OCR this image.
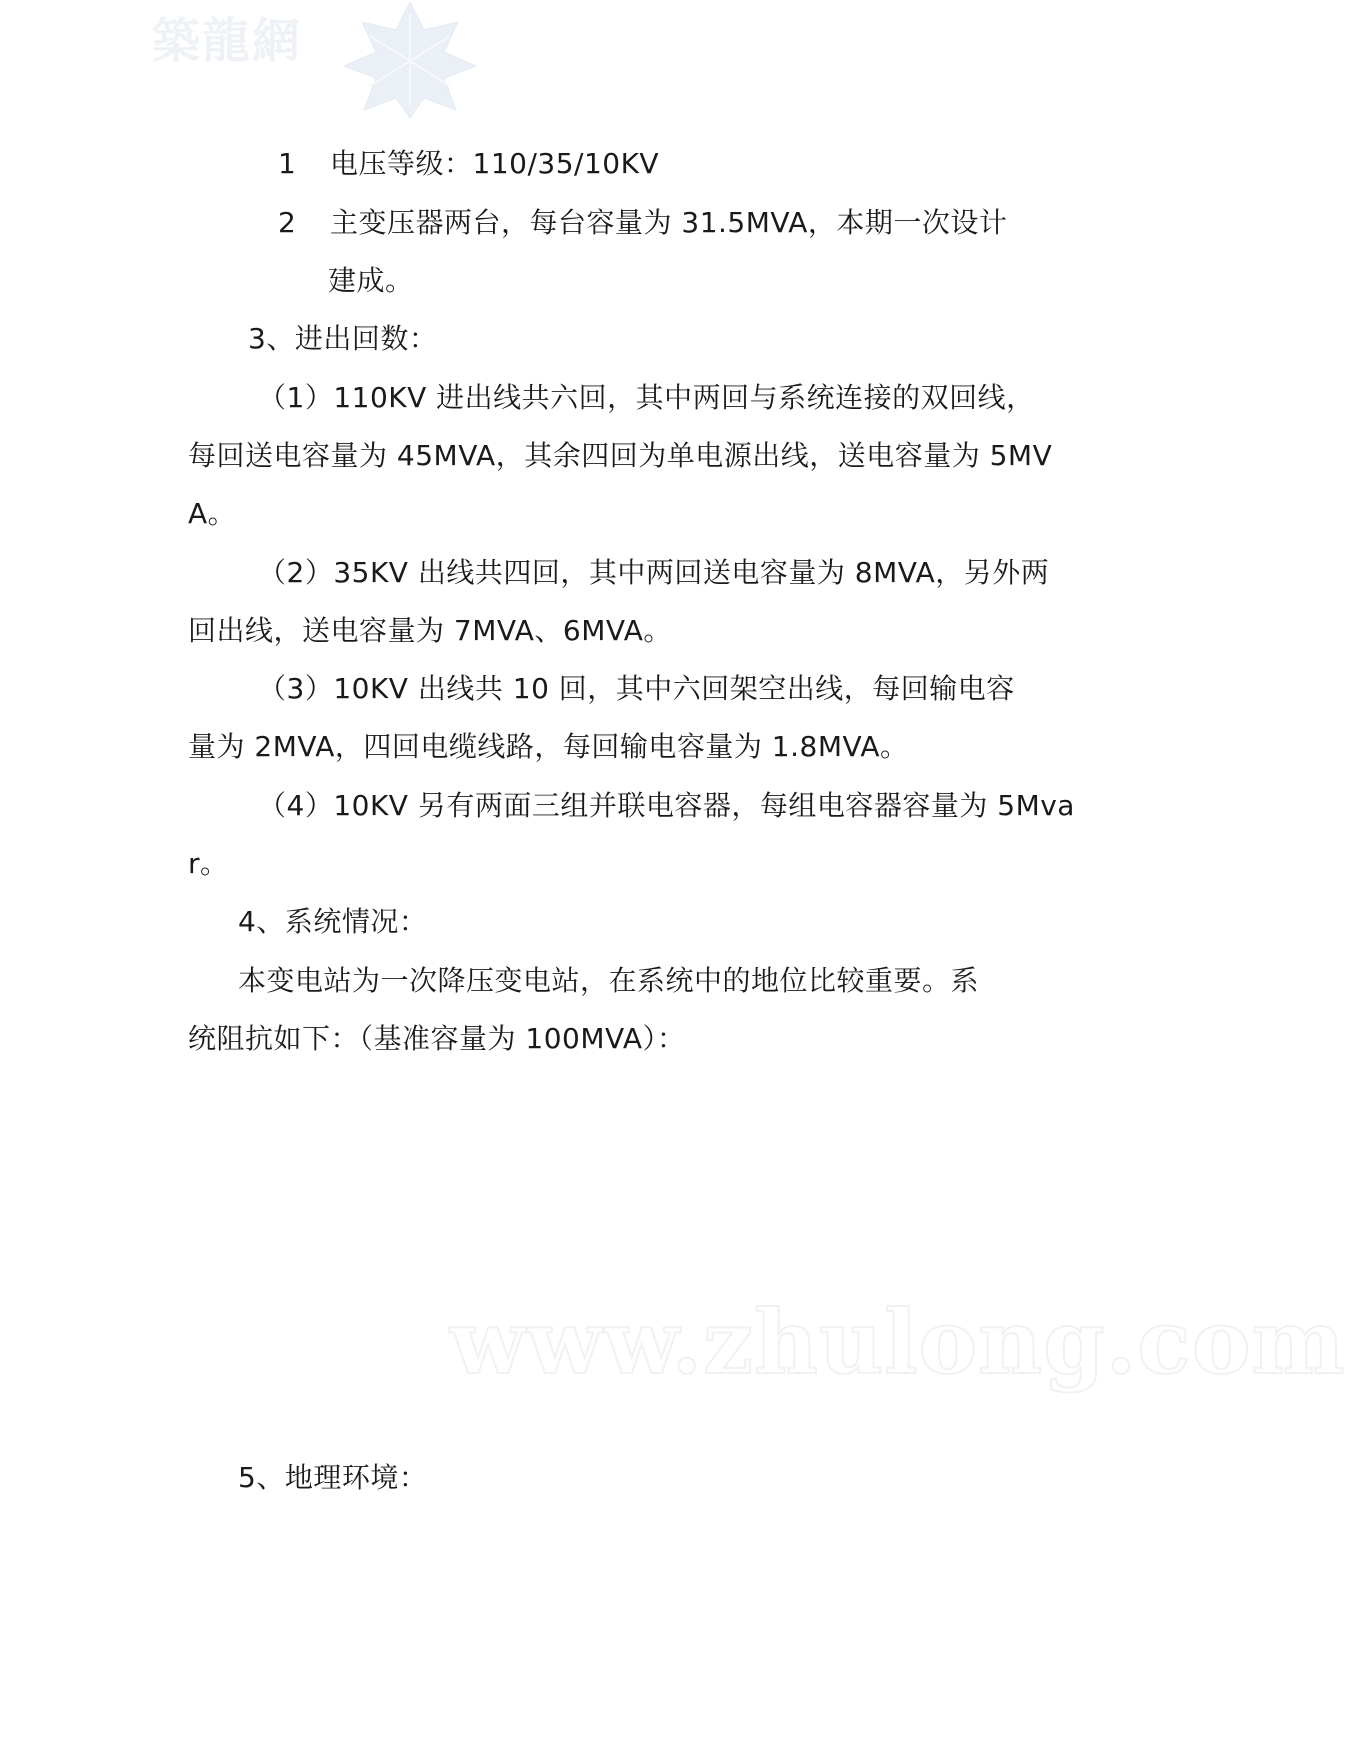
築龍網
1 电压等级：110/35/10KV
2 主变压器两台，每台容量为 31.5MVA，本期一次设计
建成。
3、进出回数：
（1）110KV 进出线共六回，其中两回与系统连接的双回线，
每回送电容量为 45MVA，其余四回为单电源出线，送电容量为 5MV
A。
（2）35KV 出线共四回，其中两回送电容量为 8MVA，另外两
回出线，送电容量为 7MVA、6MVA。
（3）10KV 出线共 10 回，其中六回架空出线，每回输电容
量为 2MVA，四回电缆线路，每回输电容量为 1.8MVA。
（4）10KV 另有两面三组并联电容器，每组电容器容量为 5Mva
r。
4、系统情况：
本变电站为一次降压变电站，在系统中的地位比较重要。系
统阻抗如下：（基准容量为 100MVA）：
www.zhulong.com
5、地理环境：
